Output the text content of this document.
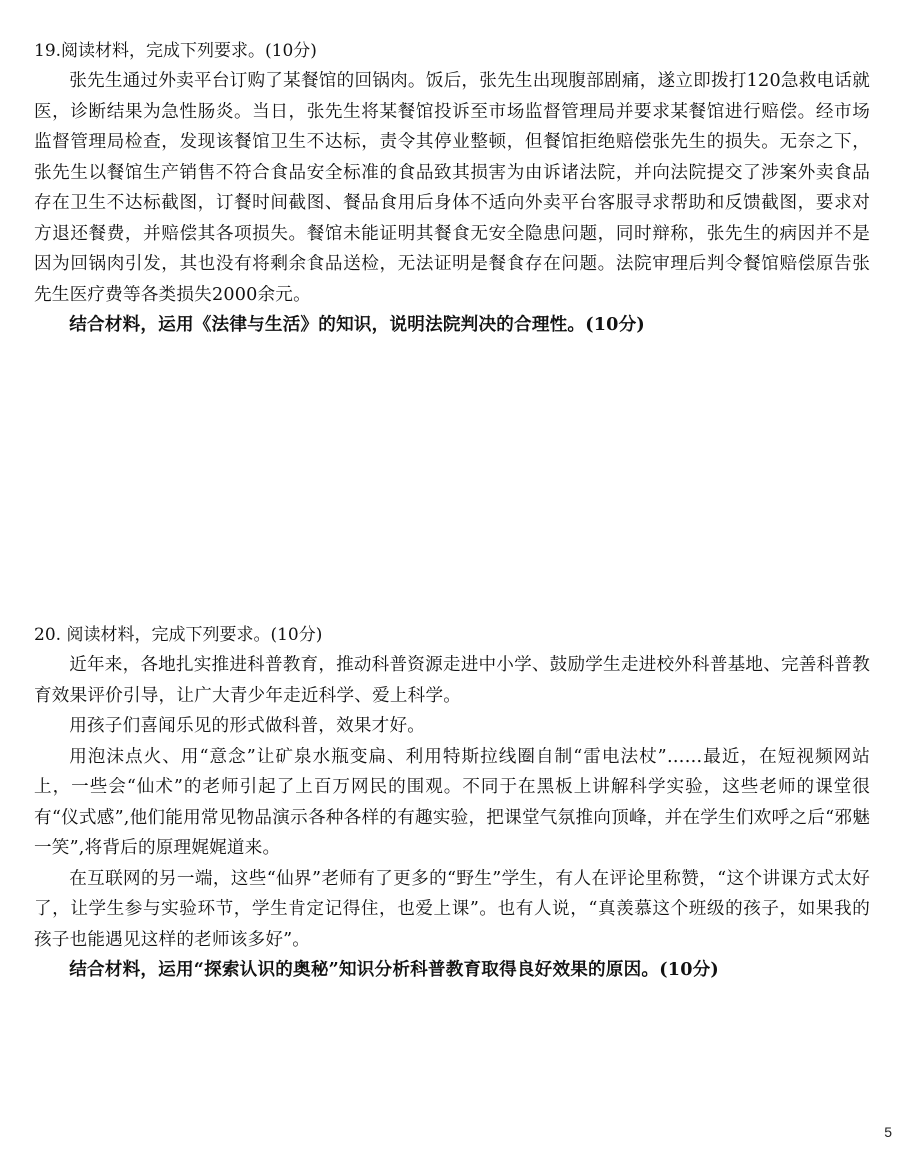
19.阅读材料，完成下列要求。(10分)

张先生通过外卖平台订购了某餐馆的回锅肉。饭后，张先生出现腹部剧痛，遂立即拨打120急救电话就医，诊断结果为急性肠炎。当日，张先生将某餐馆投诉至市场监督管理局并要求某餐馆进行赔偿。经市场监督管理局检查，发现该餐馆卫生不达标，责令其停业整顿，但餐馆拒绝赔偿张先生的损失。无奈之下，张先生以餐馆生产销售不符合食品安全标准的食品致其损害为由诉诸法院，并向法院提交了涉案外卖食品存在卫生不达标截图，订餐时间截图、餐品食用后身体不适向外卖平台客服寻求帮助和反馈截图，要求对方退还餐费，并赔偿其各项损失。餐馆未能证明其餐食无安全隐患问题，同时辩称，张先生的病因并不是因为回锅肉引发，其也没有将剩余食品送检，无法证明是餐食存在问题。法院审理后判令餐馆赔偿原告张先生医疗费等各类损失2000余元。

结合材料，运用《法律与生活》的知识，说明法院判决的合理性。(10分)

20. 阅读材料，完成下列要求。(10分)

近年来，各地扎实推进科普教育，推动科普资源走进中小学、鼓励学生走进校外科普基地、完善科普教育效果评价引导，让广大青少年走近科学、爱上科学。

用孩子们喜闻乐见的形式做科普，效果才好。

用泡沫点火、用“意念”让矿泉水瓶变扁、利用特斯拉线圈自制“雷电法杖”……最近，在短视频网站上，一些会“仙术”的老师引起了上百万网民的围观。不同于在黑板上讲解科学实验，这些老师的课堂很有“仪式感”,他们能用常见物品演示各种各样的有趣实验，把课堂气氛推向顶峰，并在学生们欢呼之后“邪魅一笑”,将背后的原理娓娓道来。

在互联网的另一端，这些“仙界”老师有了更多的“野生”学生，有人在评论里称赞，“这个讲课方式太好了，让学生参与实验环节，学生肯定记得住，也爱上课”。也有人说，“真羡慕这个班级的孩子，如果我的孩子也能遇见这样的老师该多好”。

结合材料，运用“探索认识的奥秘”知识分析科普教育取得良好效果的原因。(10分)

5
